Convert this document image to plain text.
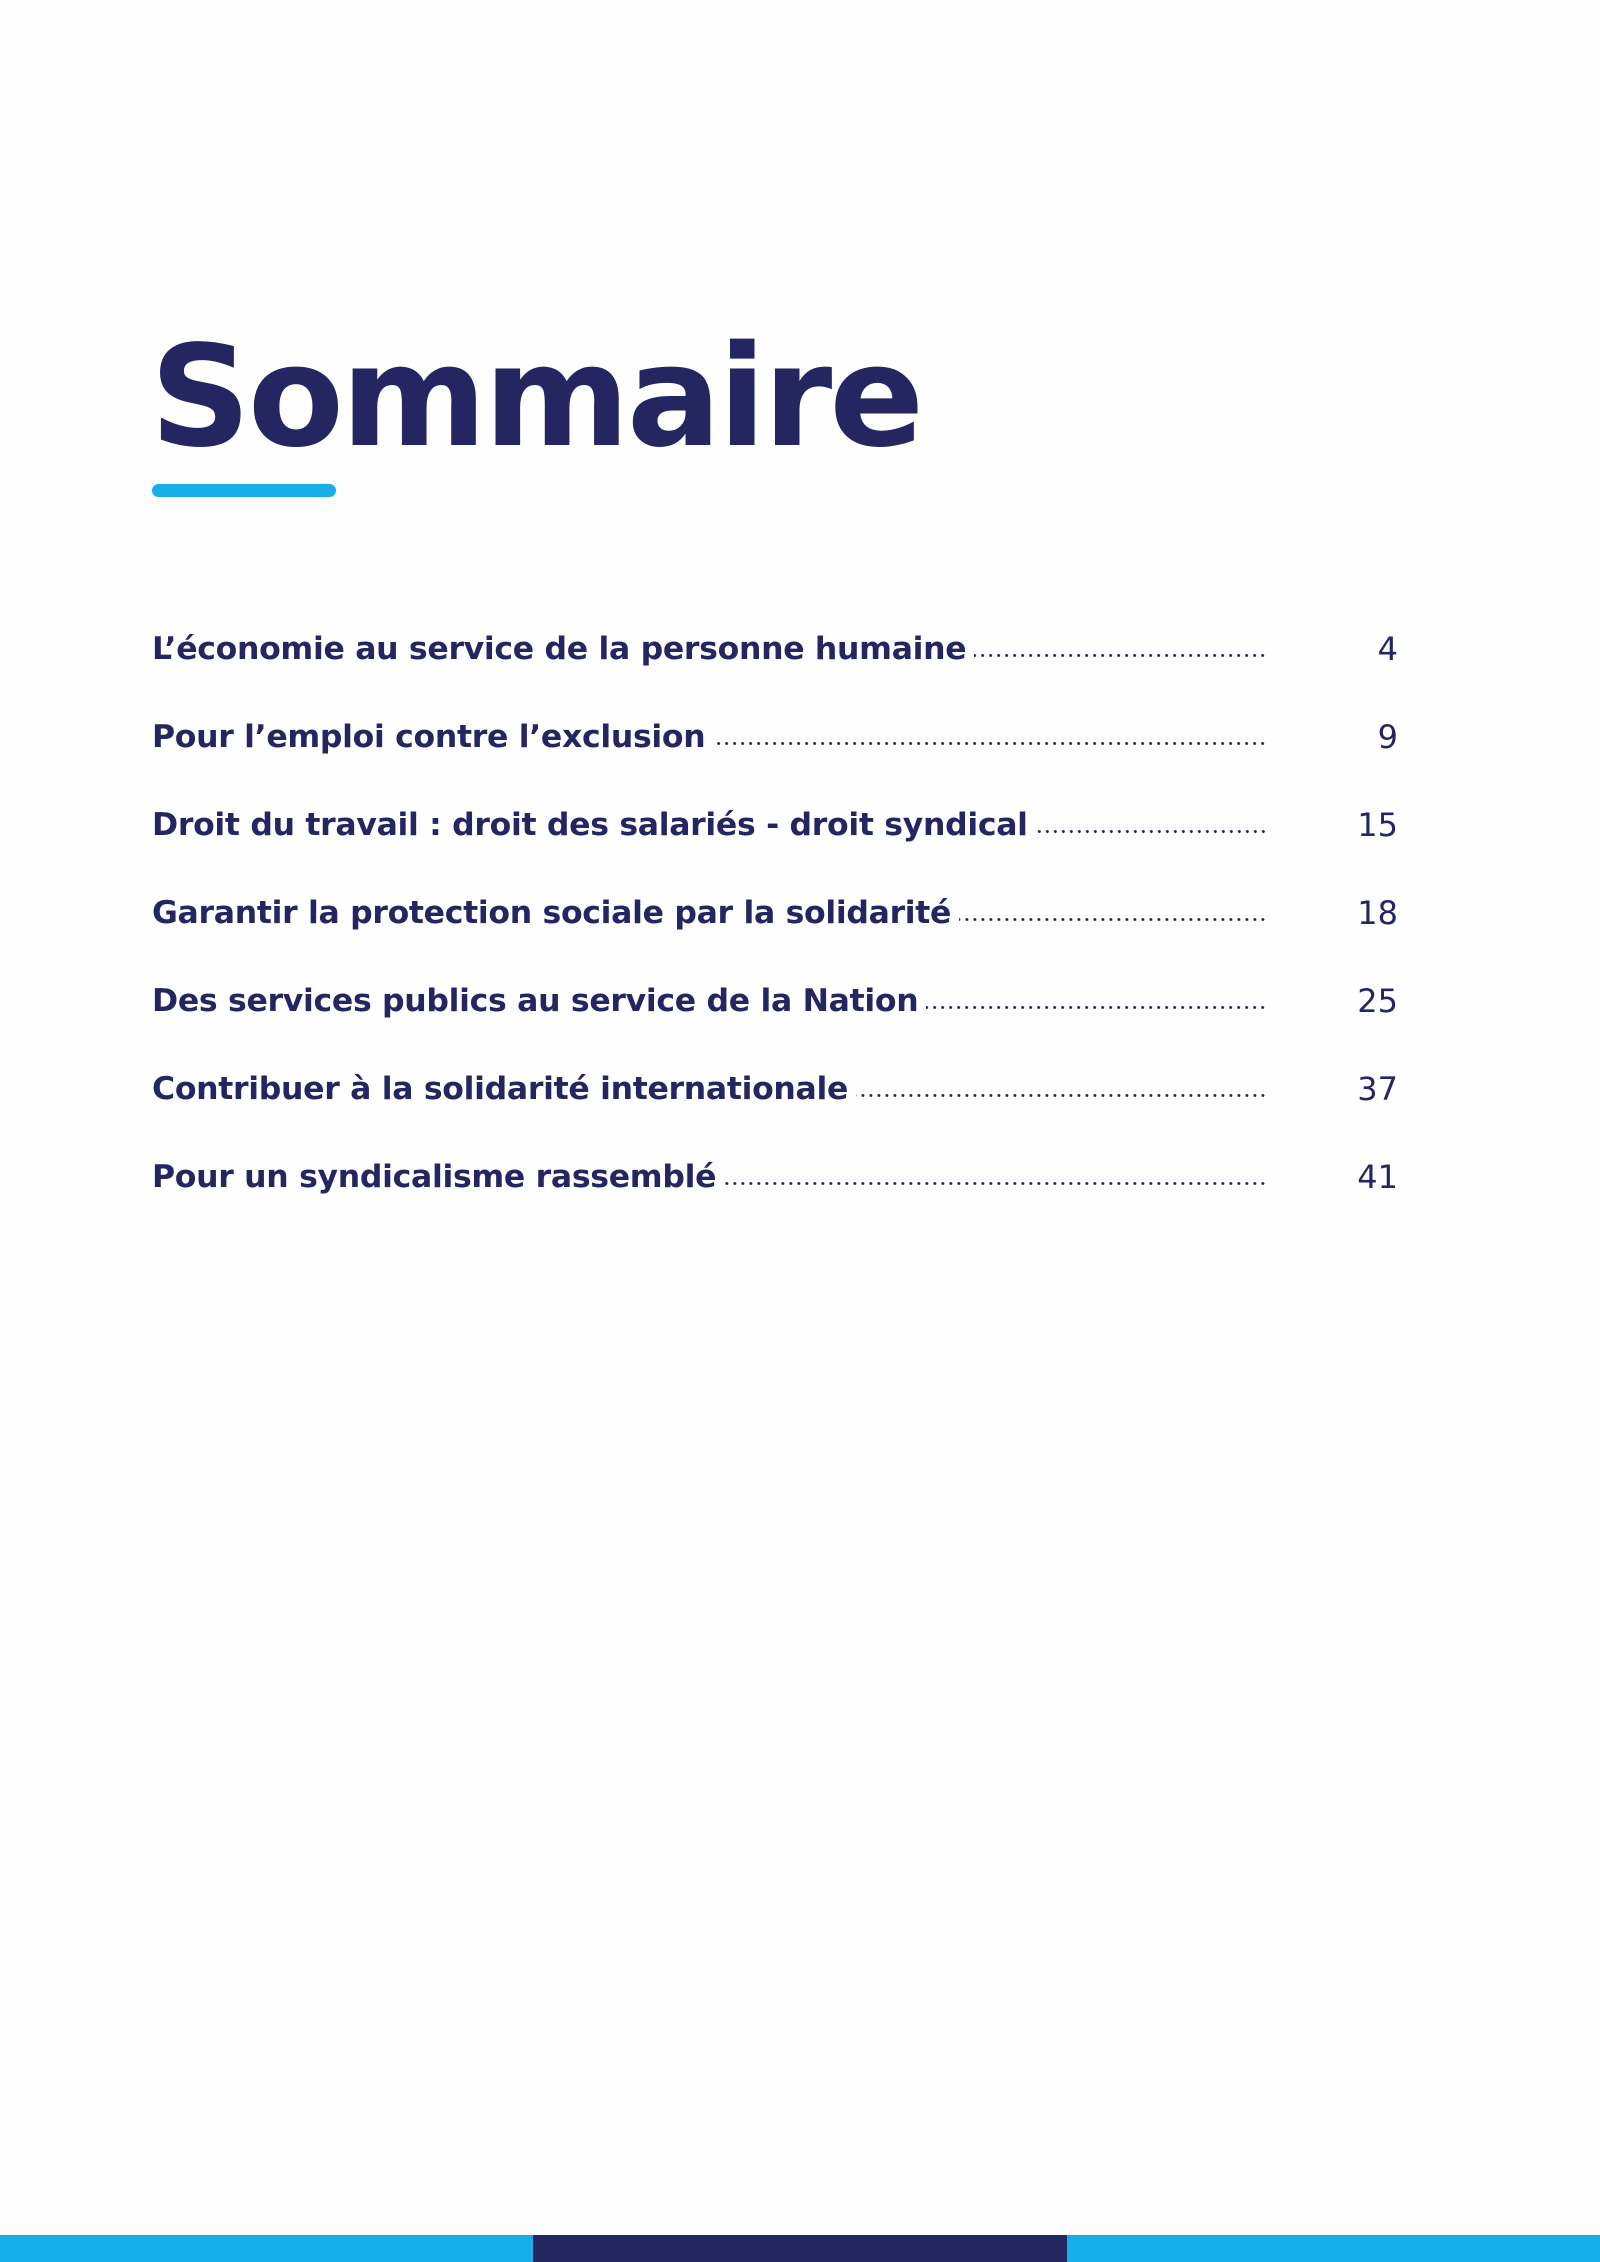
Sommaire
L’économie au service de la personne humaine	4
Pour l’emploi contre l’exclusion	9
Droit du travail : droit des salariés - droit syndical	15
Garantir la protection sociale par la solidarité	18
Des services publics au service de la Nation	25
Contribuer à la solidarité internationale	37
Pour un syndicalisme rassemblé	41
